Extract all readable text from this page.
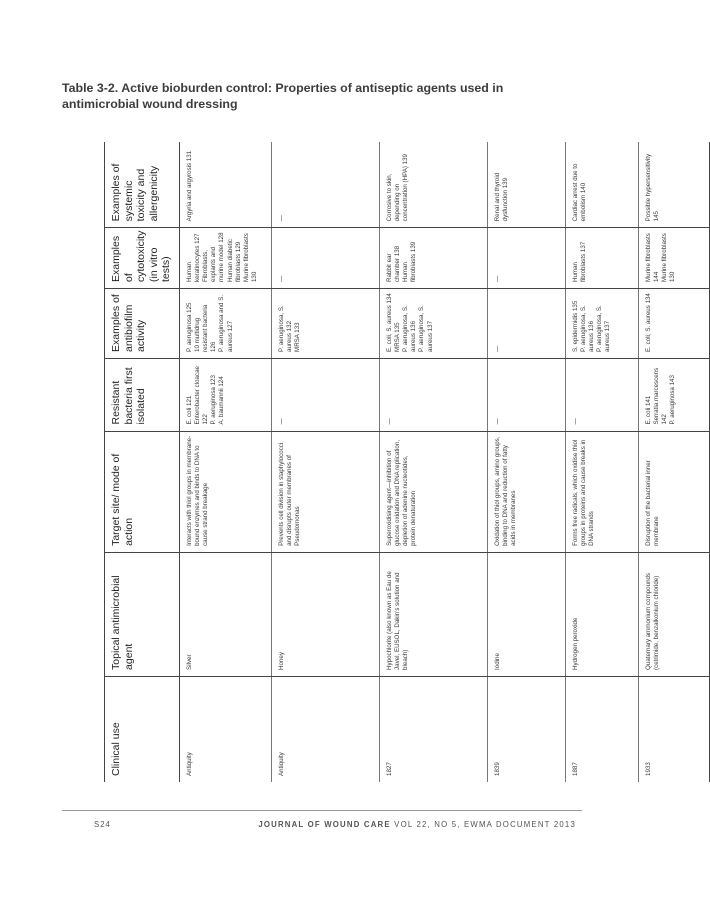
Table 3-2. Active bioburden control: Properties of antiseptic agents used in antimicrobial wound dressing
Clinical use	Topical antimicrobial agent	Target site/ mode of action	Resistant bacteria first isolated	Examples of antibiofilm activity	Examples of cytotoxicity (in vitro tests)	Examples of systemic toxicity and allergenicity
Antiquity	Silver	Interacts with thiol groups in membrane-bound enzymes and binds to DNA to cause strand breakage	E. coli 121 Enterobacter cloacae 122 P. aeruginosa 123 A. baumannii 124	P. aeruginosa 125 10 multidrug resistant bacteria 126 P. aeruginosa and S. aureus 127	Human keratinocytes 127 Fibroblasts, explants and murine model 128 Human diabetic fibroblasts 129 Murine fibroblasts 130	Argyria and argyrosis 131

Antiquity	Honey	Prevents cell division in staphylococci and disrupts outer membranes of Pseudomonas	—	P. aeruginosa, S. aureus 132 MRSA 133	—	—

1827	Hypochlorite (also known as Eau de Javel, EUSOL, Dakin's solution and bleach)	Superoxidising agent—inhibition of glucose oxidation and DNA replication, depletion of adenine nucleotides, protein denaturation	—	E. coli, S. aureus 134 MRSA 135 P. aeruginosa, S. aureus 136 P. aeruginosa, S. aureus 137	Rabbit ear chamber 138 Human fibroblasts 139	Corrosive to skin, depending on concentration (HPA) 139

1839	Iodine	Oxidation of thiol groups, amino groups, binding to DNA and reduction of fatty acids in membranes	—	—	—	Renal and thyroid dysfunction 139

1887	Hydrogen peroxide	Forms free radicals, which oxidise thiol groups in proteins and cause breaks in DNA strands	—	S. epidermidis 135 P. aeruginosa, S. aureus 136 P. aeruginosa, S. aureus 137	Human fibroblasts 137	Cardiac arrest due to embolism 140

1933	Quaternary ammonium compounds (cetrimide, benzalkonium chloride)	Disruption of the bacterial inner membrane	E. coli 141 Serratia marcescens 142 P. aeruginosa 143	E. coli, S. aureus 134	Murine fibroblasts 144 Murine fibroblasts 130	Possible hypersensitivity 145
S24	JOURNAL OF WOUND CARE VOL 22, NO 5, EWMA DOCUMENT 2013
